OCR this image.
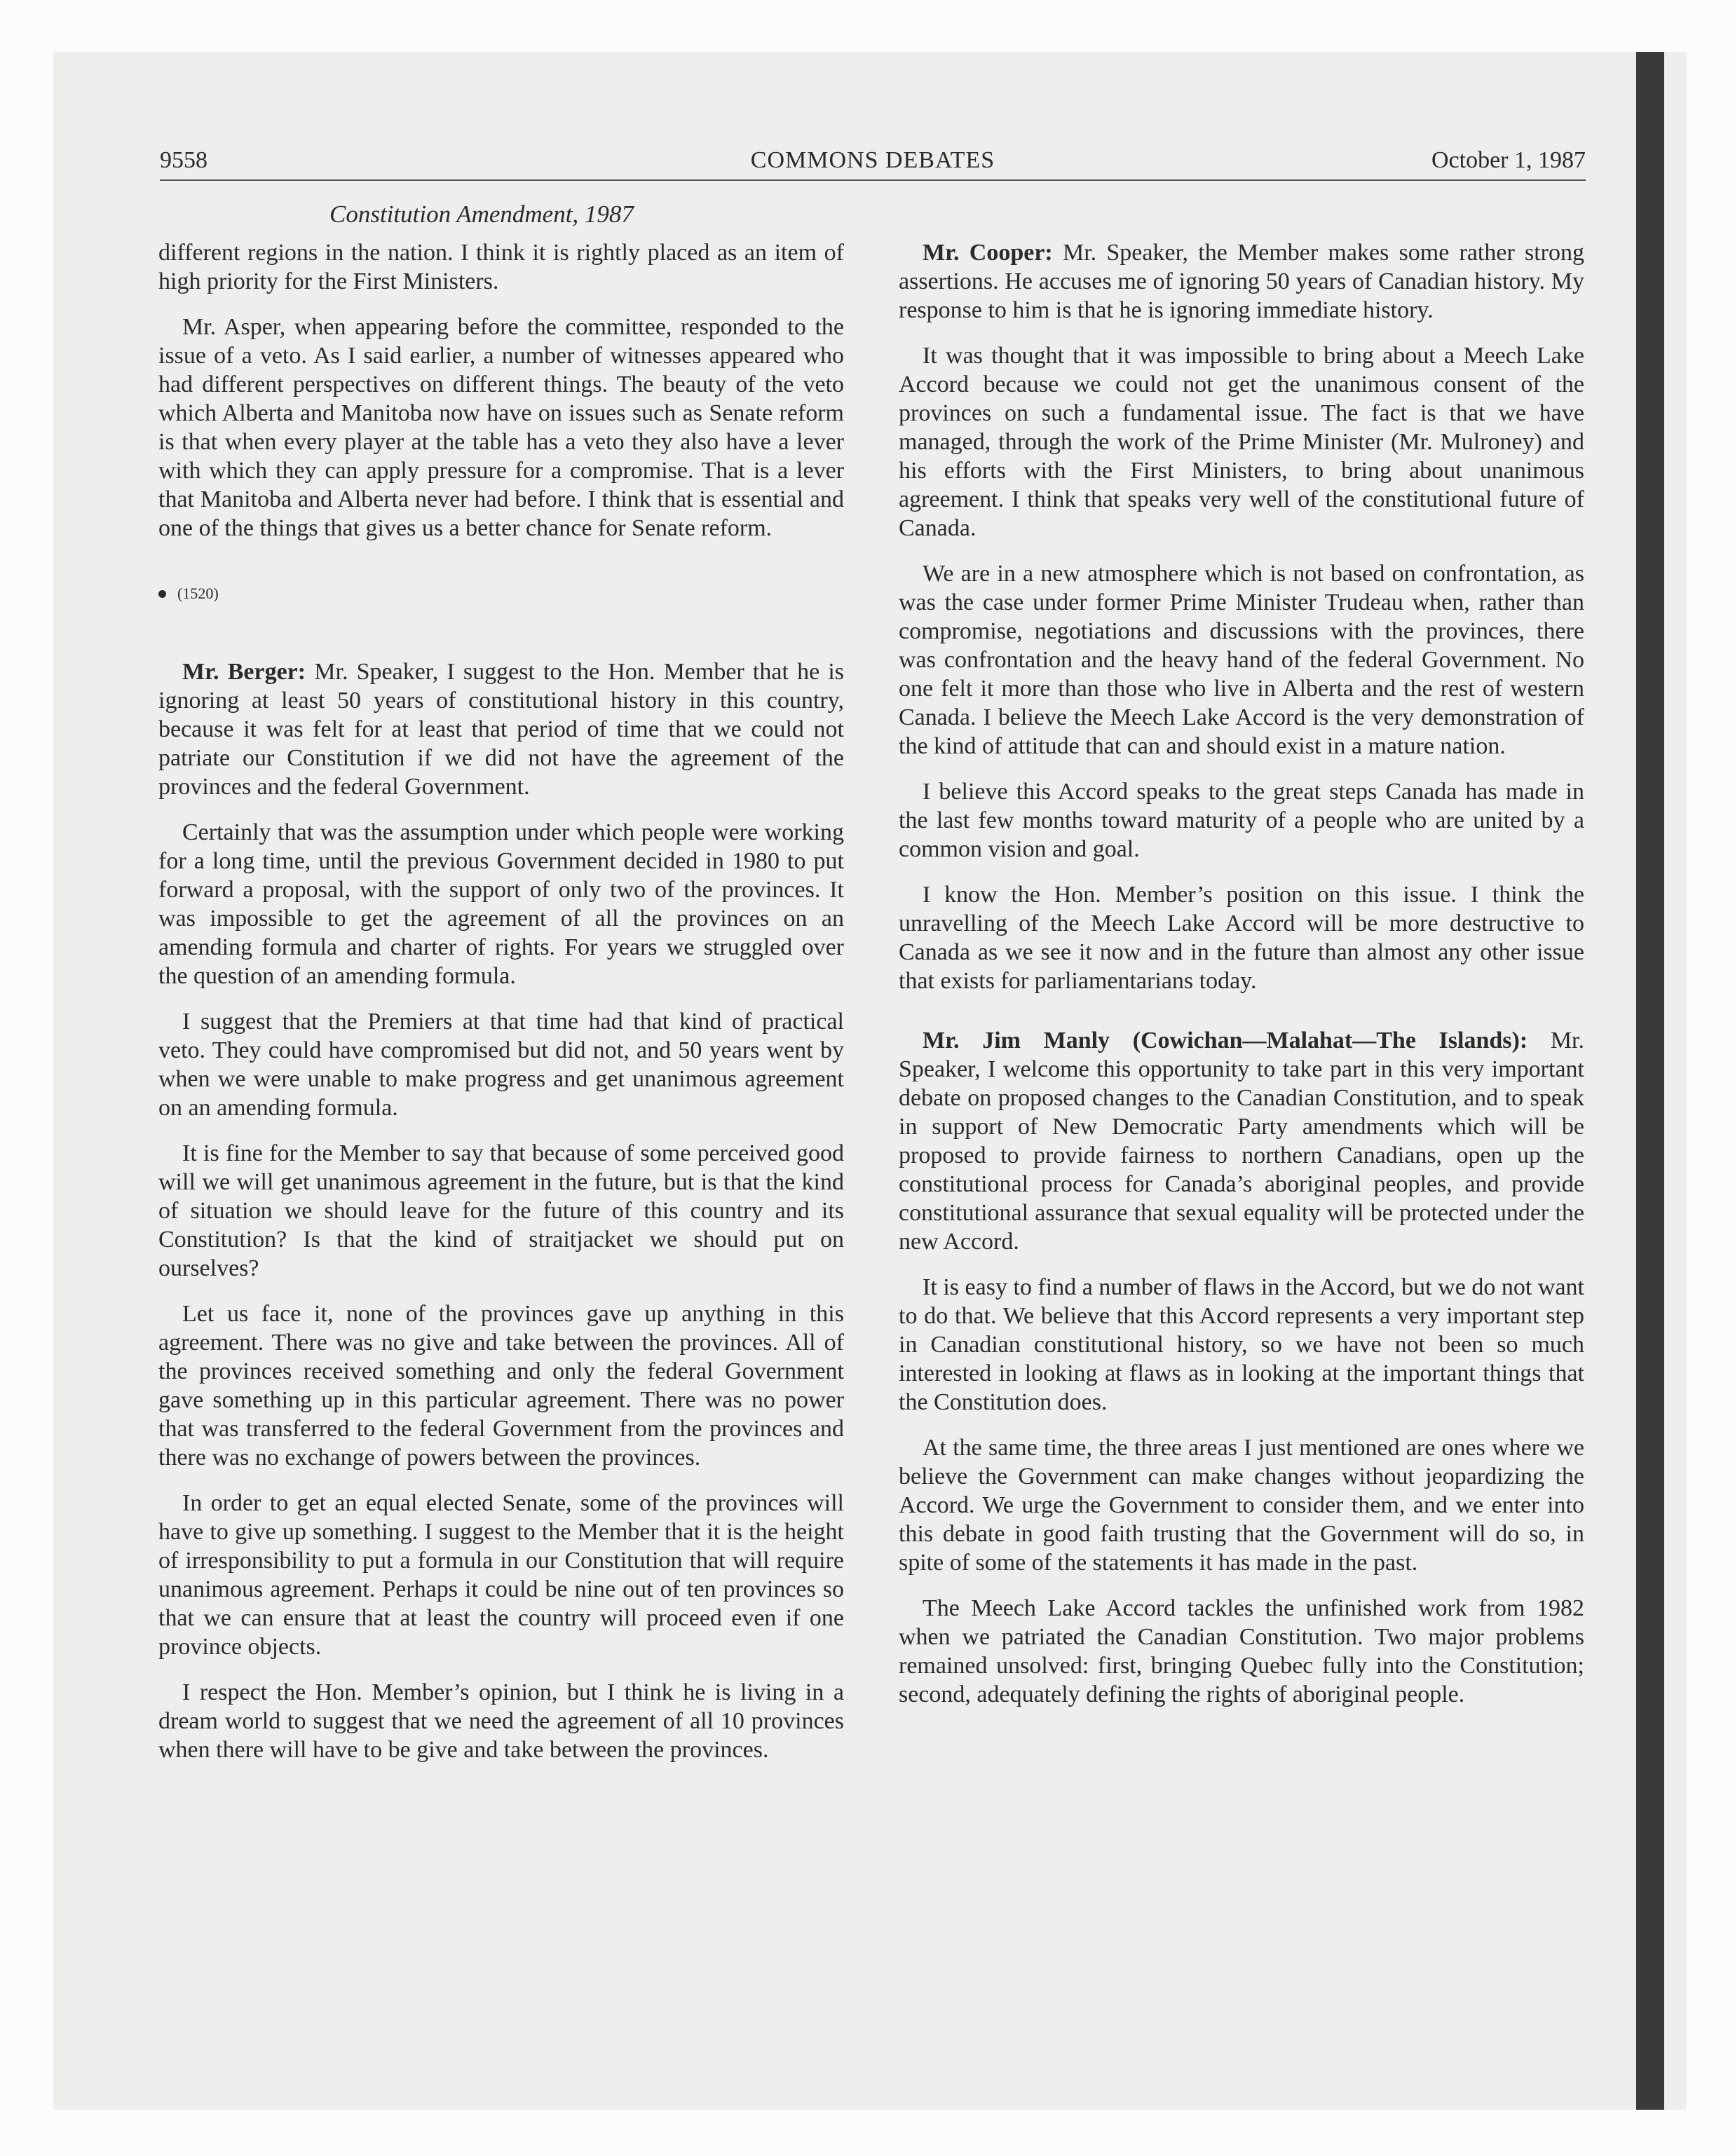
9558	COMMONS DEBATES	October 1, 1987
Constitution Amendment, 1987

different regions in the nation. I think it is rightly placed as an item of high priority for the First Ministers.

Mr. Asper, when appearing before the committee, responded to the issue of a veto. As I said earlier, a number of witnesses appeared who had different perspectives on different things. The beauty of the veto which Alberta and Manitoba now have on issues such as Senate reform is that when every player at the table has a veto they also have a lever with which they can apply pressure for a compromise. That is a lever that Manitoba and Alberta never had before. I think that is essential and one of the things that gives us a better chance for Senate reform.

(1520)

Mr. Berger: Mr. Speaker, I suggest to the Hon. Member that he is ignoring at least 50 years of constitutional history in this country, because it was felt for at least that period of time that we could not patriate our Constitution if we did not have the agreement of the provinces and the federal Government.

Certainly that was the assumption under which people were working for a long time, until the previous Government decided in 1980 to put forward a proposal, with the support of only two of the provinces. It was impossible to get the agreement of all the provinces on an amending formula and charter of rights. For years we struggled over the question of an amending formula.

I suggest that the Premiers at that time had that kind of practical veto. They could have compromised but did not, and 50 years went by when we were unable to make progress and get unanimous agreement on an amending formula.

It is fine for the Member to say that because of some perceived good will we will get unanimous agreement in the future, but is that the kind of situation we should leave for the future of this country and its Constitution? Is that the kind of straitjacket we should put on ourselves?

Let us face it, none of the provinces gave up anything in this agreement. There was no give and take between the provinces. All of the provinces received something and only the federal Government gave something up in this particular agreement. There was no power that was transferred to the federal Government from the provinces and there was no exchange of powers between the provinces.

In order to get an equal elected Senate, some of the provinces will have to give up something. I suggest to the Member that it is the height of irresponsibility to put a formula in our Constitution that will require unanimous agreement. Perhaps it could be nine out of ten provinces so that we can ensure that at least the country will proceed even if one province objects.

I respect the Hon. Member’s opinion, but I think he is living in a dream world to suggest that we need the agreement of all 10 provinces when there will have to be give and take between the provinces.

Mr. Cooper: Mr. Speaker, the Member makes some rather strong assertions. He accuses me of ignoring 50 years of Canadian history. My response to him is that he is ignoring immediate history.

It was thought that it was impossible to bring about a Meech Lake Accord because we could not get the unanimous consent of the provinces on such a fundamental issue. The fact is that we have managed, through the work of the Prime Minister (Mr. Mulroney) and his efforts with the First Ministers, to bring about unanimous agreement. I think that speaks very well of the constitutional future of Canada.

We are in a new atmosphere which is not based on confrontation, as was the case under former Prime Minister Trudeau when, rather than compromise, negotiations and discussions with the provinces, there was confrontation and the heavy hand of the federal Government. No one felt it more than those who live in Alberta and the rest of western Canada. I believe the Meech Lake Accord is the very demonstration of the kind of attitude that can and should exist in a mature nation.

I believe this Accord speaks to the great steps Canada has made in the last few months toward maturity of a people who are united by a common vision and goal.

I know the Hon. Member’s position on this issue. I think the unravelling of the Meech Lake Accord will be more destructive to Canada as we see it now and in the future than almost any other issue that exists for parliamentarians today.

Mr. Jim Manly (Cowichan—Malahat—The Islands): Mr. Speaker, I welcome this opportunity to take part in this very important debate on proposed changes to the Canadian Constitution, and to speak in support of New Democratic Party amendments which will be proposed to provide fairness to northern Canadians, open up the constitutional process for Canada’s aboriginal peoples, and provide constitutional assurance that sexual equality will be protected under the new Accord.

It is easy to find a number of flaws in the Accord, but we do not want to do that. We believe that this Accord represents a very important step in Canadian constitutional history, so we have not been so much interested in looking at flaws as in looking at the important things that the Constitution does.

At the same time, the three areas I just mentioned are ones where we believe the Government can make changes without jeopardizing the Accord. We urge the Government to consider them, and we enter into this debate in good faith trusting that the Government will do so, in spite of some of the statements it has made in the past.

The Meech Lake Accord tackles the unfinished work from 1982 when we patriated the Canadian Constitution. Two major problems remained unsolved: first, bringing Quebec fully into the Constitution; second, adequately defining the rights of aboriginal people.
